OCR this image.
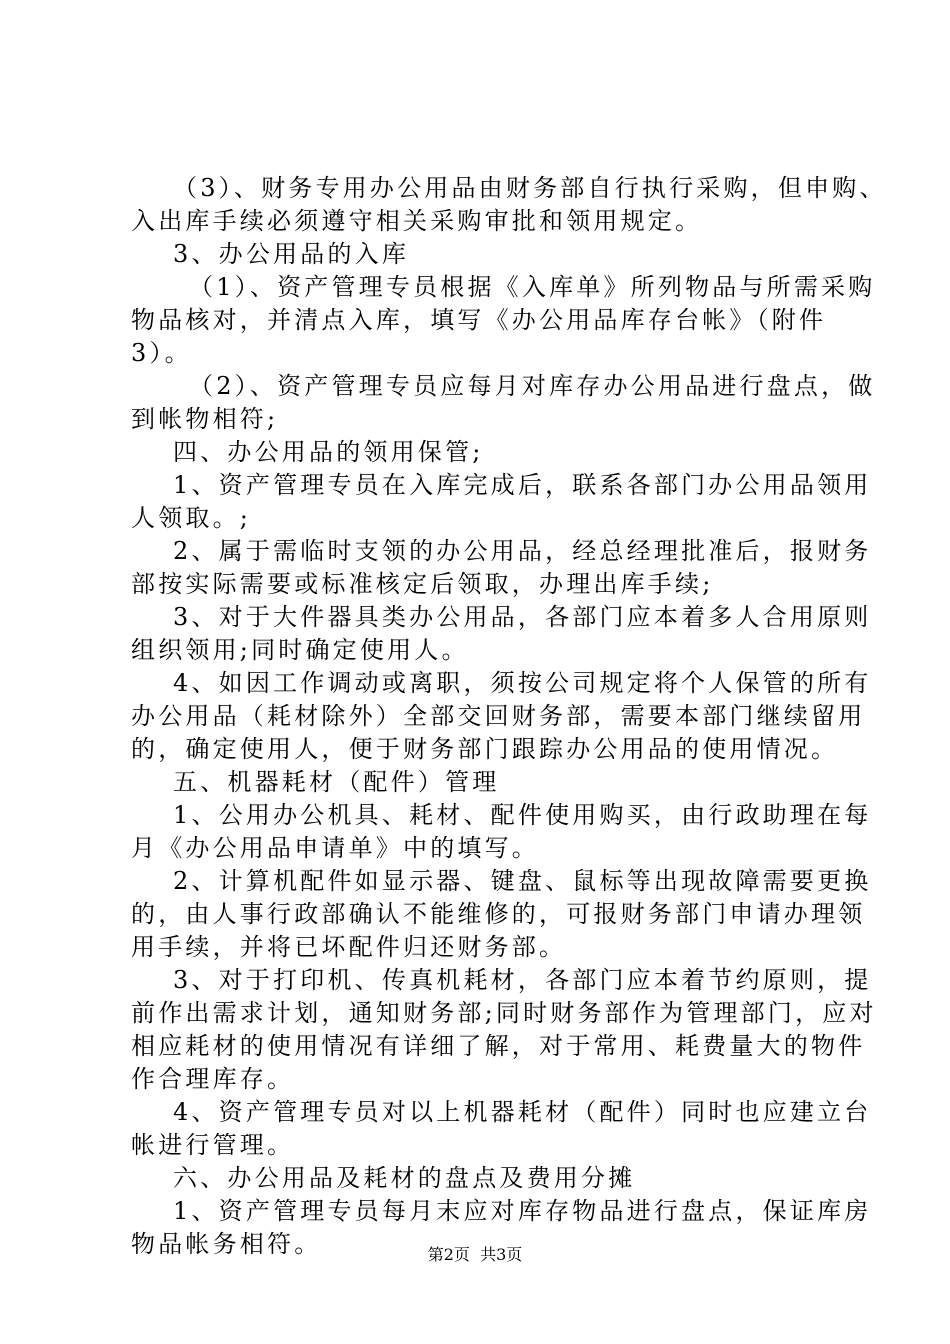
（3）、财务专用办公用品由财务部自行执行采购，但申购、
入出库手续必须遵守相关采购审批和领用规定。
3、办公用品的入库
（1）、资产管理专员根据《入库单》所列物品与所需采购
物品核对，并清点入库，填写《办公用品库存台帐》（附件
3）。
（2）、资产管理专员应每月对库存办公用品进行盘点，做
到帐物相符;
四、办公用品的领用保管;
1、资产管理专员在入库完成后，联系各部门办公用品领用
人领取。;
2、属于需临时支领的办公用品，经总经理批准后，报财务
部按实际需要或标准核定后领取，办理出库手续;
3、对于大件器具类办公用品，各部门应本着多人合用原则
组织领用;同时确定使用人。
4、如因工作调动或离职，须按公司规定将个人保管的所有
办公用品（耗材除外）全部交回财务部，需要本部门继续留用
的，确定使用人，便于财务部门跟踪办公用品的使用情况。
五、机器耗材（配件）管理
1、公用办公机具、耗材、配件使用购买，由行政助理在每
月《办公用品申请单》中的填写。
2、计算机配件如显示器、键盘、鼠标等出现故障需要更换
的，由人事行政部确认不能维修的，可报财务部门申请办理领
用手续，并将已坏配件归还财务部。
3、对于打印机、传真机耗材，各部门应本着节约原则，提
前作出需求计划，通知财务部;同时财务部作为管理部门，应对
相应耗材的使用情况有详细了解，对于常用、耗费量大的物件
作合理库存。
4、资产管理专员对以上机器耗材（配件）同时也应建立台
帐进行管理。
六、办公用品及耗材的盘点及费用分摊
1、资产管理专员每月末应对库存物品进行盘点，保证库房
物品帐务相符。	第2页  共3页
